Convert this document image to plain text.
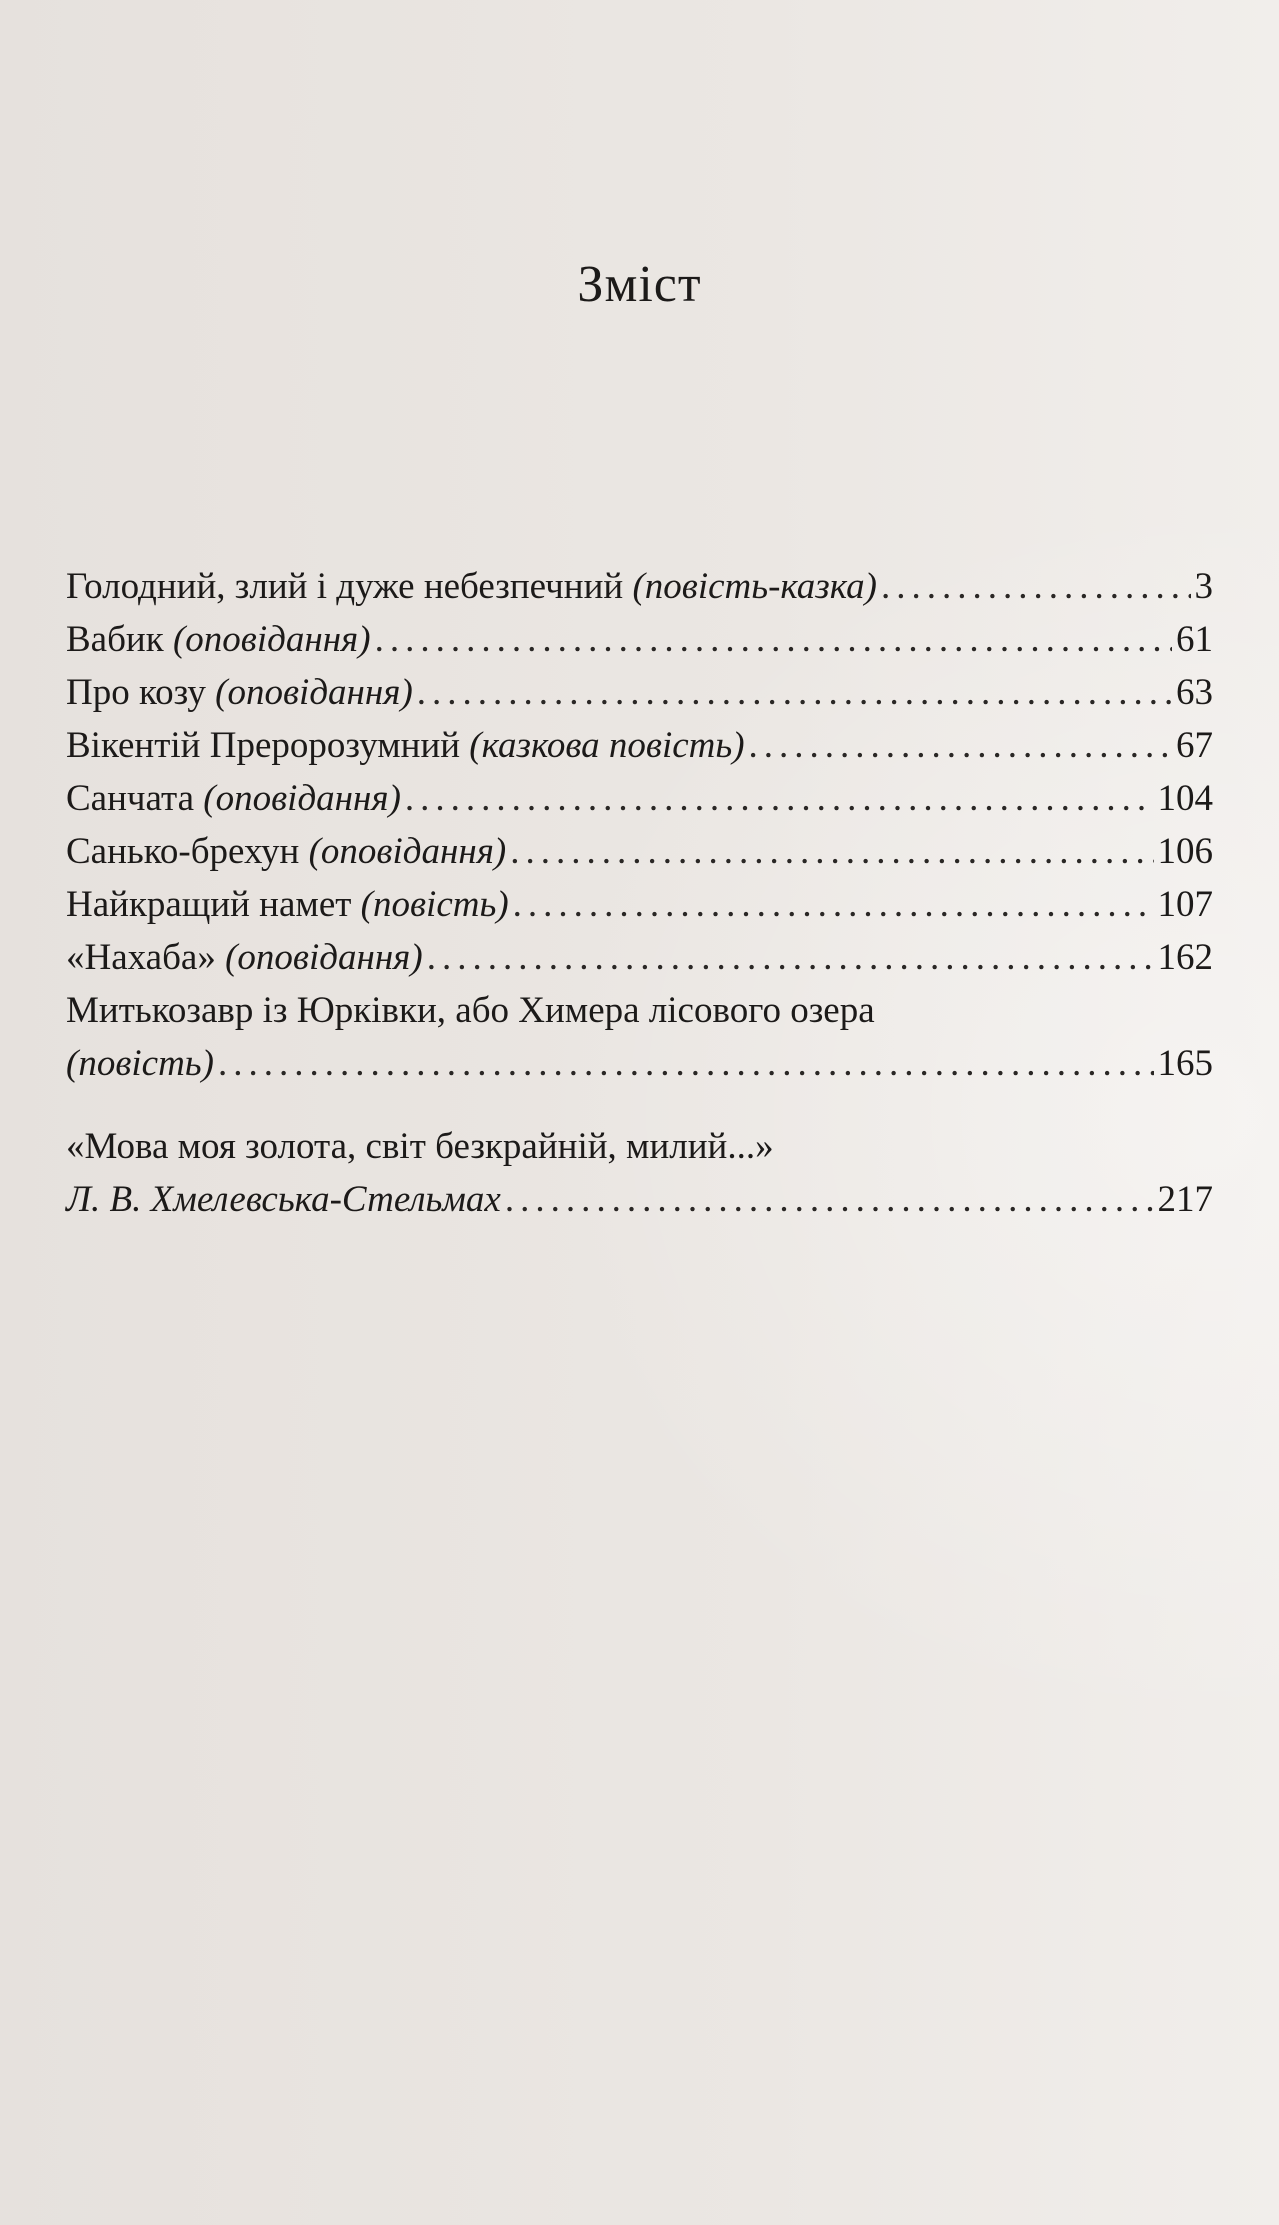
Зміст
Голодний, злий і дуже небезпечний
(повість-казка) .....	3
Вабик
(оповідання) .....	61
Про козу
(оповідання) .....	63
Вікентій Преророзумний
(казкова повість) .....	67
Санчата
(оповідання) .....	104
Санько-брехун
(оповідання) .....	106
Найкращий намет
(повість) .....	107
«Нахаба»
(оповідання) .....	162
Митькозавр із Юрківки, або Химера лісового озера
(повість) .....	165
«Мова моя золота, світ безкрайній, милий...»
Л. В. Хмелевська-Стельмах .....	217
